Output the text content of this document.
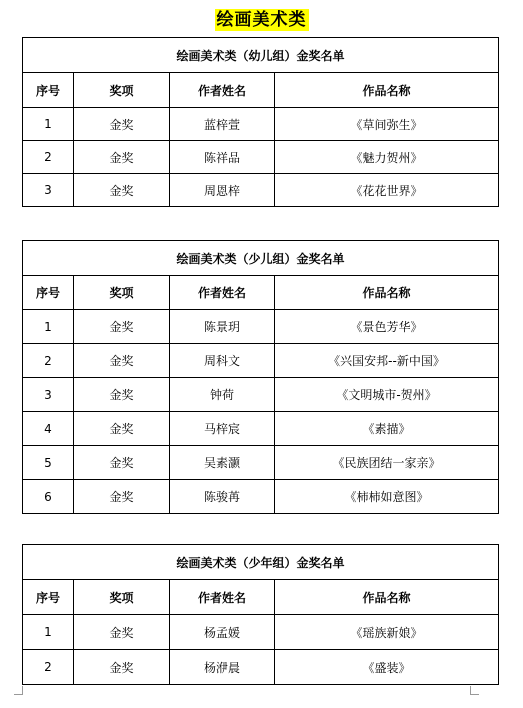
绘画美术类
绘画美术类（幼儿组）金奖名单			
序号	奖项	作者姓名	作品名称
1	金奖	蓝梓萱	《草间弥生》
2	金奖	陈祥品	《魅力贺州》
3	金奖	周恩梓	《花花世界》
绘画美术类（少儿组）金奖名单			
序号	奖项	作者姓名	作品名称
1	金奖	陈景玥	《景色芳华》
2	金奖	周科文	《兴国安邦--新中国》
3	金奖	钟荷	《文明城市-贺州》
4	金奖	马梓宸	《素描》
5	金奖	吴素灏	《民族团结一家亲》
6	金奖	陈骏苒	《柿柿如意图》
绘画美术类（少年组）金奖名单			
序号	奖项	作者姓名	作品名称
1	金奖	杨孟媛	《瑶族新娘》
2	金奖	杨洢晨	《盛装》
